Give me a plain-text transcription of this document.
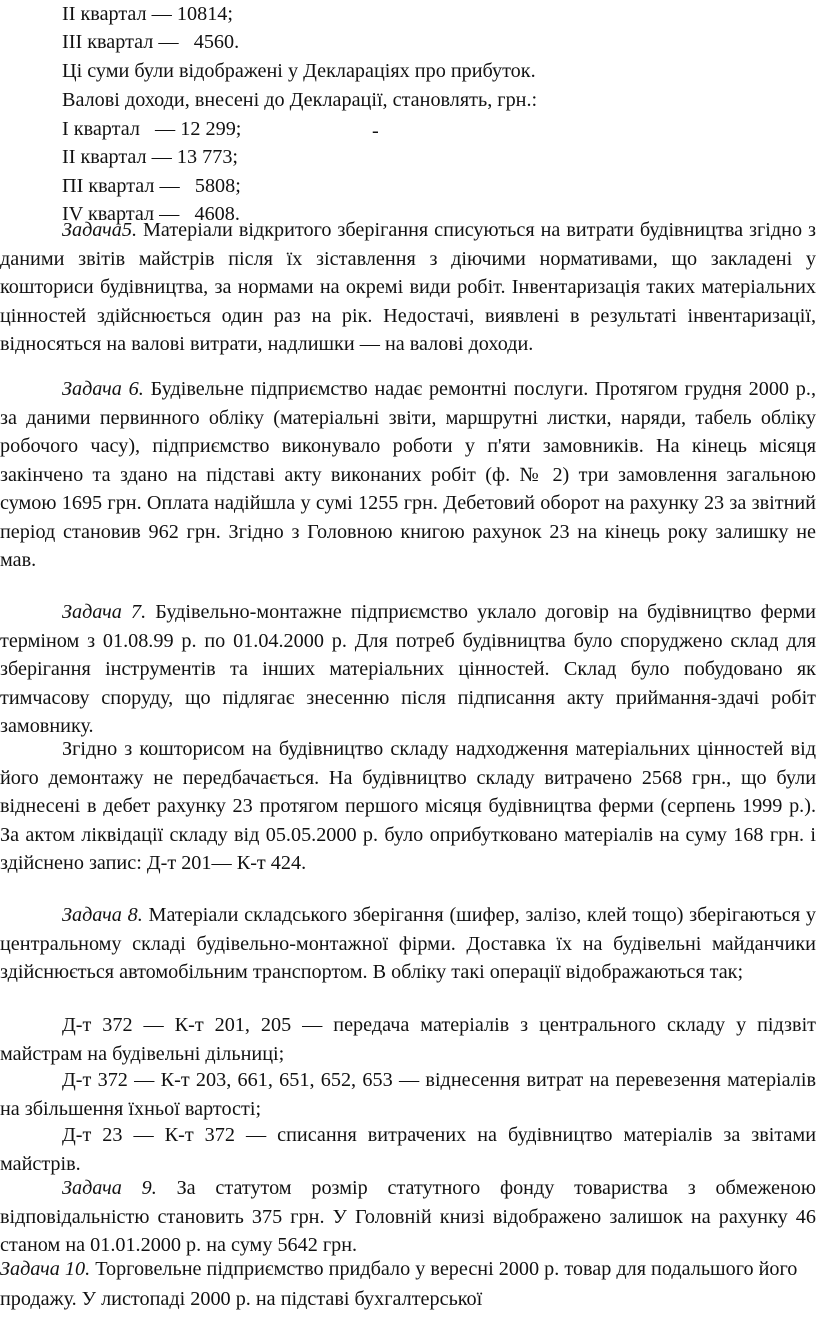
ІІ квартал — 10814;
ІІІ квартал —   4560.
Ці суми були відображені у Деклараціях про прибуток.
Валові доходи, внесені до Декларації, становлять, грн.:
І квартал   — 12 299;	-
ІІ квартал — 13 773;
ПІ квартал —   5808;
IV квартал —   4608.
Задача5. Матеріали відкритого зберігання списуються на витрати будівництва згідно з даними звітів майстрів після їх зіставлення з діючими нормативами, що закладені у кошториси будівництва, за нормами на окремі види робіт. Інвентаризація таких матеріальних цінностей здійснюється один раз на рік. Недостачі, виявлені в результаті інвентаризації, відносяться на валові витрати, надлишки — на валові доходи.
Задача 6. Будівельне підприємство надає ремонтні послуги. Протягом грудня 2000 р., за даними первинного обліку (матеріальні звіти, маршрутні листки, наряди, табель обліку робочого часу), підприємство виконувало роботи у п'яти замовників. На кінець місяця закінчено та здано на підставі акту виконаних робіт (ф. № 2) три замовлення загальною сумою 1695 грн. Оплата надійшла у сумі 1255 грн. Дебетовий оборот на рахунку 23 за звітний період становив 962 грн. Згідно з Головною книгою рахунок 23 на кінець року залишку не мав.
Задача 7. Будівельно-монтажне підприємство уклало договір на будівництво ферми терміном з 01.08.99 р. по 01.04.2000 р. Для потреб будівництва було споруджено склад для зберігання інструментів та інших матеріальних цінностей. Склад було побудовано як тимчасову споруду, що підлягає знесенню після підписання акту приймання-здачі робіт замовнику.
Згідно з кошторисом на будівництво складу надходження матеріальних цінностей від його демонтажу не передбачається. На будівництво складу витрачено 2568 грн., що були віднесені в дебет рахунку 23 протягом першого місяця будівництва ферми (серпень 1999 р.). За актом ліквідації складу від 05.05.2000 р. було оприбутковано матеріалів на суму 168 грн. і здійснено запис: Д-т 201— К-т 424.
Задача 8. Матеріали складського зберігання (шифер, залізо, клей тощо) зберігаються у центральному складі будівельно-монтажної фірми. Доставка їх на будівельні майданчики здійснюється автомобільним транспортом. В обліку такі операції відображаються так;
Д-т 372 — К-т 201, 205 — передача матеріалів з центрального складу у підзвіт майстрам на будівельні дільниці;
Д-т 372 — К-т 203, 661, 651, 652, 653 — віднесення витрат на перевезення матеріалів на збільшення їхньої вартості;
Д-т 23 — К-т 372 — списання витрачених на будівництво матеріалів за звітами майстрів.
Задача 9. За статутом розмір статутного фонду товариства з обмеженою відповідальністю становить 375 грн. У Головній книзі відображено залишок на рахунку 46 станом на 01.01.2000 р. на суму 5642 грн.
Задача 10. Торговельне підприємство придбало у вересні 2000 р. товар для подальшого його продажу. У листопаді 2000 р. на підставі бухгалтерської
